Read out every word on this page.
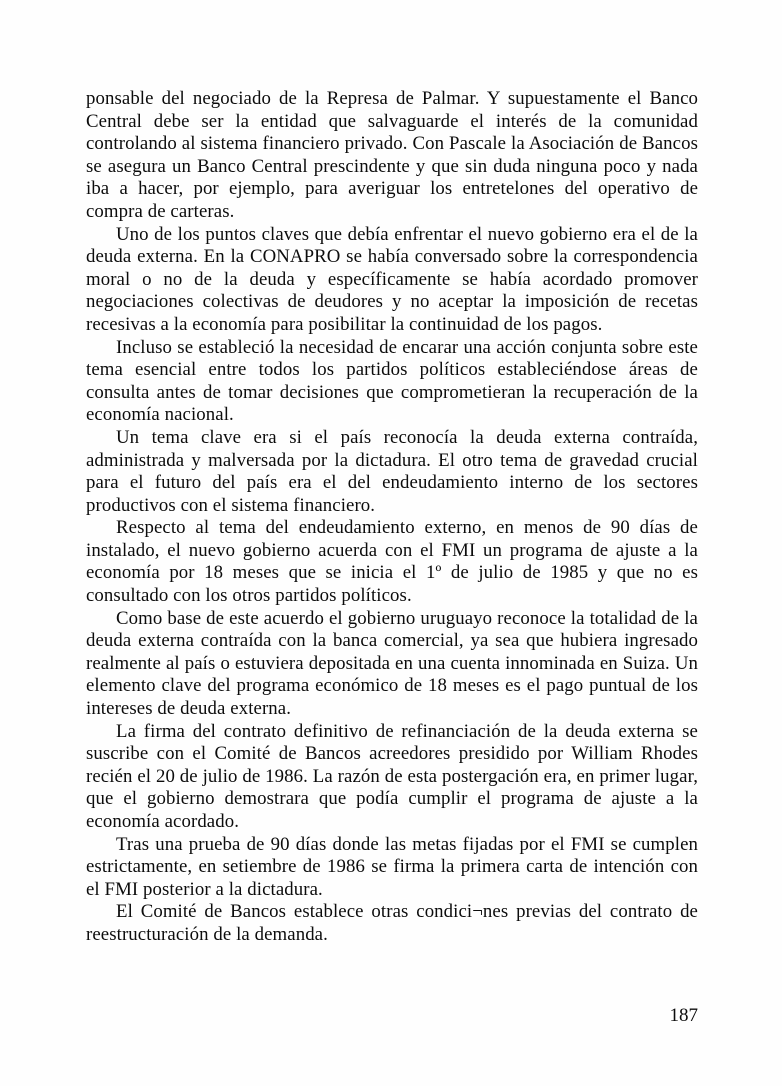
ponsable del negociado de la Represa de Palmar. Y supuestamente el Banco Central debe ser la entidad que salvaguarde el interés de la comunidad controlando al sistema financiero privado. Con Pascale la Asociación de Bancos se asegura un Banco Central prescindente y que sin duda ninguna poco y nada iba a hacer, por ejemplo, para averiguar los entretelones del operativo de compra de carteras.

Uno de los puntos claves que debía enfrentar el nuevo gobierno era el de la deuda externa. En la CONAPRO se había conversado sobre la correspondencia moral o no de la deuda y específicamente se había acordado promover negociaciones colectivas de deudores y no aceptar la imposición de recetas recesivas a la economía para posibilitar la continuidad de los pagos.

Incluso se estableció la necesidad de encarar una acción conjunta sobre este tema esencial entre todos los partidos políticos estableciéndose áreas de consulta antes de tomar decisiones que comprometieran la recuperación de la economía nacional.

Un tema clave era si el país reconocía la deuda externa contraída, administrada y malversada por la dictadura. El otro tema de gravedad crucial para el futuro del país era el del endeudamiento interno de los sectores productivos con el sistema financiero.

Respecto al tema del endeudamiento externo, en menos de 90 días de instalado, el nuevo gobierno acuerda con el FMI un programa de ajuste a la economía por 18 meses que se inicia el 1º de julio de 1985 y que no es consultado con los otros partidos políticos.

Como base de este acuerdo el gobierno uruguayo reconoce la totalidad de la deuda externa contraída con la banca comercial, ya sea que hubiera ingresado realmente al país o estuviera depositada en una cuenta innominada en Suiza. Un elemento clave del programa económico de 18 meses es el pago puntual de los intereses de deuda externa.

La firma del contrato definitivo de refinanciación de la deuda externa se suscribe con el Comité de Bancos acreedores presidido por William Rhodes recién el 20 de julio de 1986. La razón de esta postergación era, en primer lugar, que el gobierno demostrara que podía cumplir el programa de ajuste a la economía acordado.

Tras una prueba de 90 días donde las metas fijadas por el FMI se cumplen estrictamente, en setiembre de 1986 se firma la primera carta de intención con el FMI posterior a la dictadura.

El Comité de Bancos establece otras condici¬nes previas del contrato de reestructuración de la demanda.

187
